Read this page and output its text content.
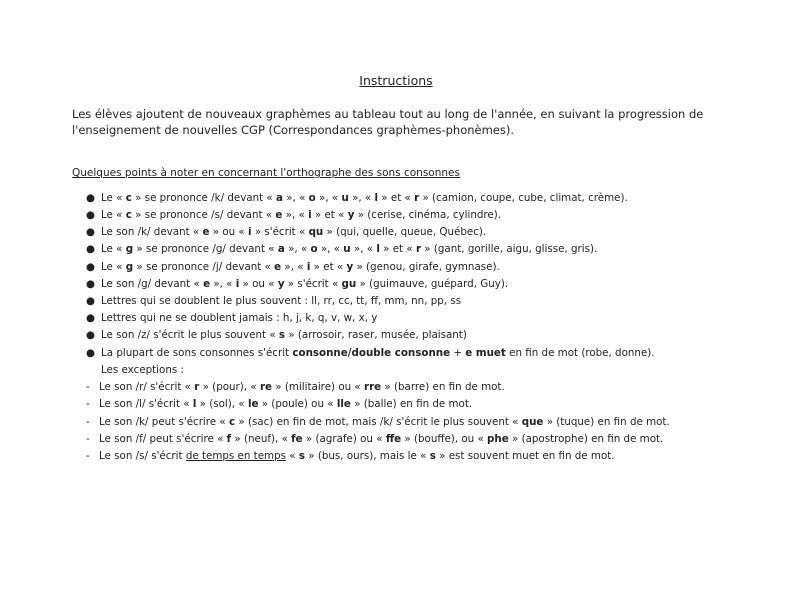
Instructions
Les élèves ajoutent de nouveaux graphèmes au tableau tout au long de l'année, en suivant la progression de l'enseignement de nouvelles CGP (Correspondances graphèmes-phonèmes).
Quelques points à noter en concernant l'orthographe des sons consonnes
● Le « c » se prononce /k/ devant « a », « o », « u », « l » et « r » (camion, coupe, cube, climat, crème).
● Le « c » se prononce /s/ devant « e », « i » et « y » (cerise, cinéma, cylindre).
● Le son /k/ devant « e » ou « i » s'écrit « qu » (qui, quelle, queue, Québec).
● Le « g » se prononce /g/ devant « a », « o », « u », « l » et « r » (gant, gorille, aigu, glisse, gris).
● Le « g » se prononce /j/ devant « e », « i » et « y » (genou, girafe, gymnase).
● Le son /g/ devant « e », « i » ou « y » s'écrit « gu » (guimauve, guépard, Guy).
● Lettres qui se doublent le plus souvent : ll, rr, cc, tt, ff, mm, nn, pp, ss
● Lettres qui ne se doublent jamais : h, j, k, q, v, w, x, y
● Le son /z/ s'écrit le plus souvent « s » (arrosoir, raser, musée, plaisant)
● La plupart de sons consonnes s'écrit consonne/double consonne + e muet en fin de mot (robe, donne).
Les exceptions :
- Le son /r/ s'écrit « r » (pour), « re » (militaire) ou « rre » (barre) en fin de mot.
- Le son /l/ s'écrit « l » (sol), « le » (poule) ou « lle » (balle) en fin de mot.
- Le son /k/ peut s'écrire « c » (sac) en fin de mot, mais /k/ s'écrit le plus souvent « que » (tuque) en fin de mot.
- Le son /f/ peut s'écrire « f » (neuf), « fe » (agrafe) ou « ffe » (bouffe), ou « phe » (apostrophe) en fin de mot.
- Le son /s/ s'écrit de temps en temps « s » (bus, ours), mais le « s » est souvent muet en fin de mot.
